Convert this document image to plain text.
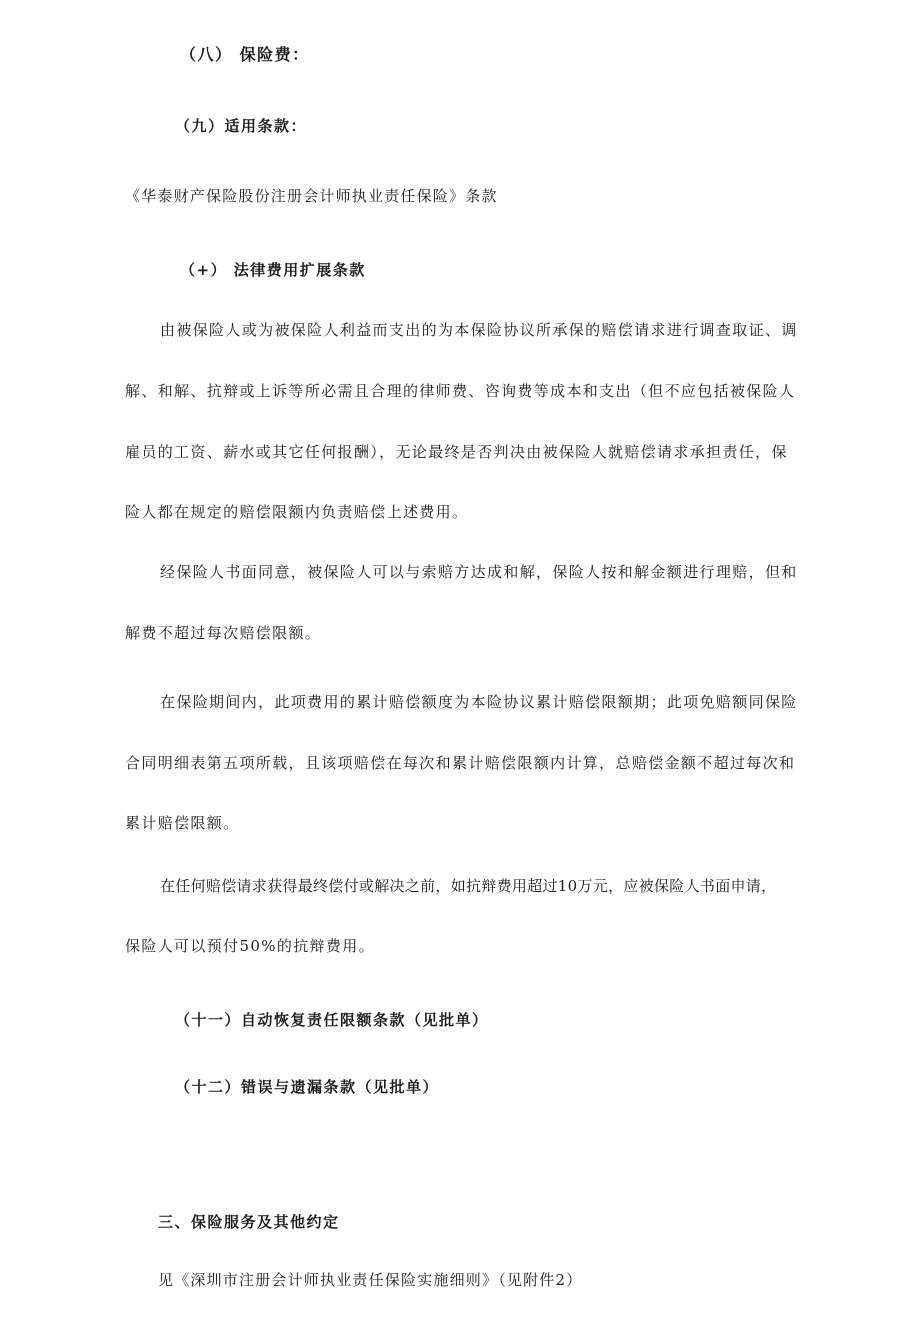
（八） 保险费：
（九）适用条款：
《华泰财产保险股份注册会计师执业责任保险》条款
（+） 法律费用扩展条款
由被保险人或为被保险人利益而支出的为本保险协议所承保的赔偿请求进行调查取证、调
解、和解、抗辩或上诉等所必需且合理的律师费、咨询费等成本和支出（但不应包括被保险人
雇员的工资、薪水或其它任何报酬），无论最终是否判决由被保险人就赔偿请求承担责任，保
险人都在规定的赔偿限额内负责赔偿上述费用。
经保险人书面同意，被保险人可以与索赔方达成和解，保险人按和解金额进行理赔，但和
解费不超过每次赔偿限额。
在保险期间内，此项费用的累计赔偿额度为本险协议累计赔偿限额期；此项免赔额同保险
合同明细表第五项所载，且该项赔偿在每次和累计赔偿限额内计算，总赔偿金额不超过每次和
累计赔偿限额。
在任何赔偿请求获得最终偿付或解决之前，如抗辩费用超过10万元，应被保险人书面申请，
保险人可以预付50%的抗辩费用。
（十一）自动恢复责任限额条款（见批单）
（十二）错误与遗漏条款（见批单）
三、保险服务及其他约定
见《深圳市注册会计师执业责任保险实施细则》（见附件2）
